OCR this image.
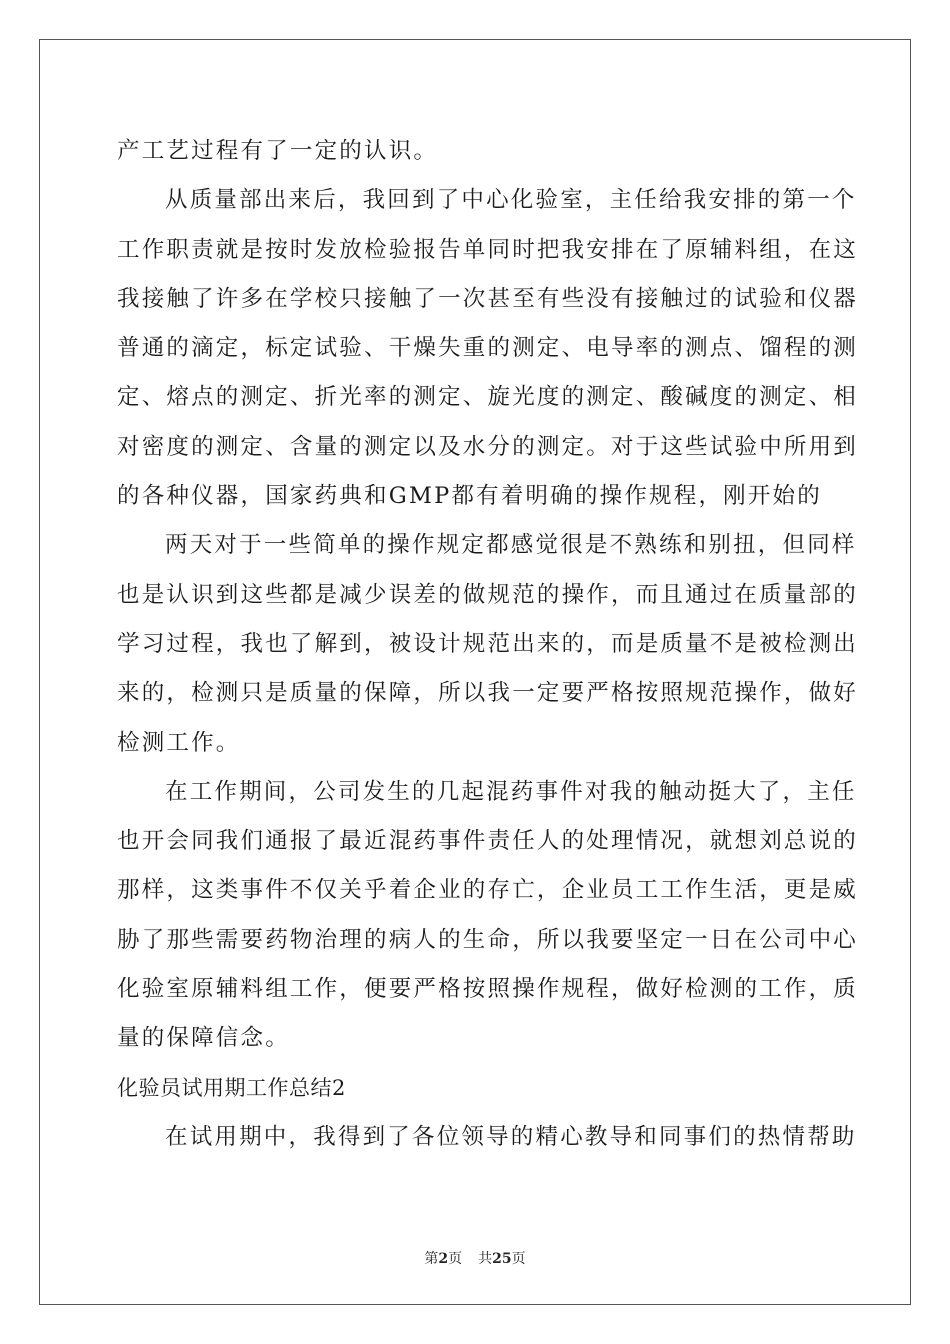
产工艺过程有了一定的认识。
从质量部出来后，我回到了中心化验室，主任给我安排的第一个
工作职责就是按时发放检验报告单同时把我安排在了原辅料组，在这
我接触了许多在学校只接触了一次甚至有些没有接触过的试验和仪器
普通的滴定，标定试验、干燥失重的测定、电导率的测点、馏程的测
定、熔点的测定、折光率的测定、旋光度的测定、酸碱度的测定、相
对密度的测定、含量的测定以及水分的测定。对于这些试验中所用到
的各种仪器，国家药典和GMP都有着明确的操作规程，刚开始的
两天对于一些简单的操作规定都感觉很是不熟练和别扭，但同样
也是认识到这些都是减少误差的做规范的操作，而且通过在质量部的
学习过程，我也了解到，被设计规范出来的，而是质量不是被检测出
来的，检测只是质量的保障，所以我一定要严格按照规范操作，做好
检测工作。
在工作期间，公司发生的几起混药事件对我的触动挺大了，主任
也开会同我们通报了最近混药事件责任人的处理情况，就想刘总说的
那样，这类事件不仅关乎着企业的存亡，企业员工工作生活，更是威
胁了那些需要药物治理的病人的生命，所以我要坚定一日在公司中心
化验室原辅料组工作，便要严格按照操作规程，做好检测的工作，质
量的保障信念。
化验员试用期工作总结2
在试用期中，我得到了各位领导的精心教导和同事们的热情帮助
第2页 共25页
